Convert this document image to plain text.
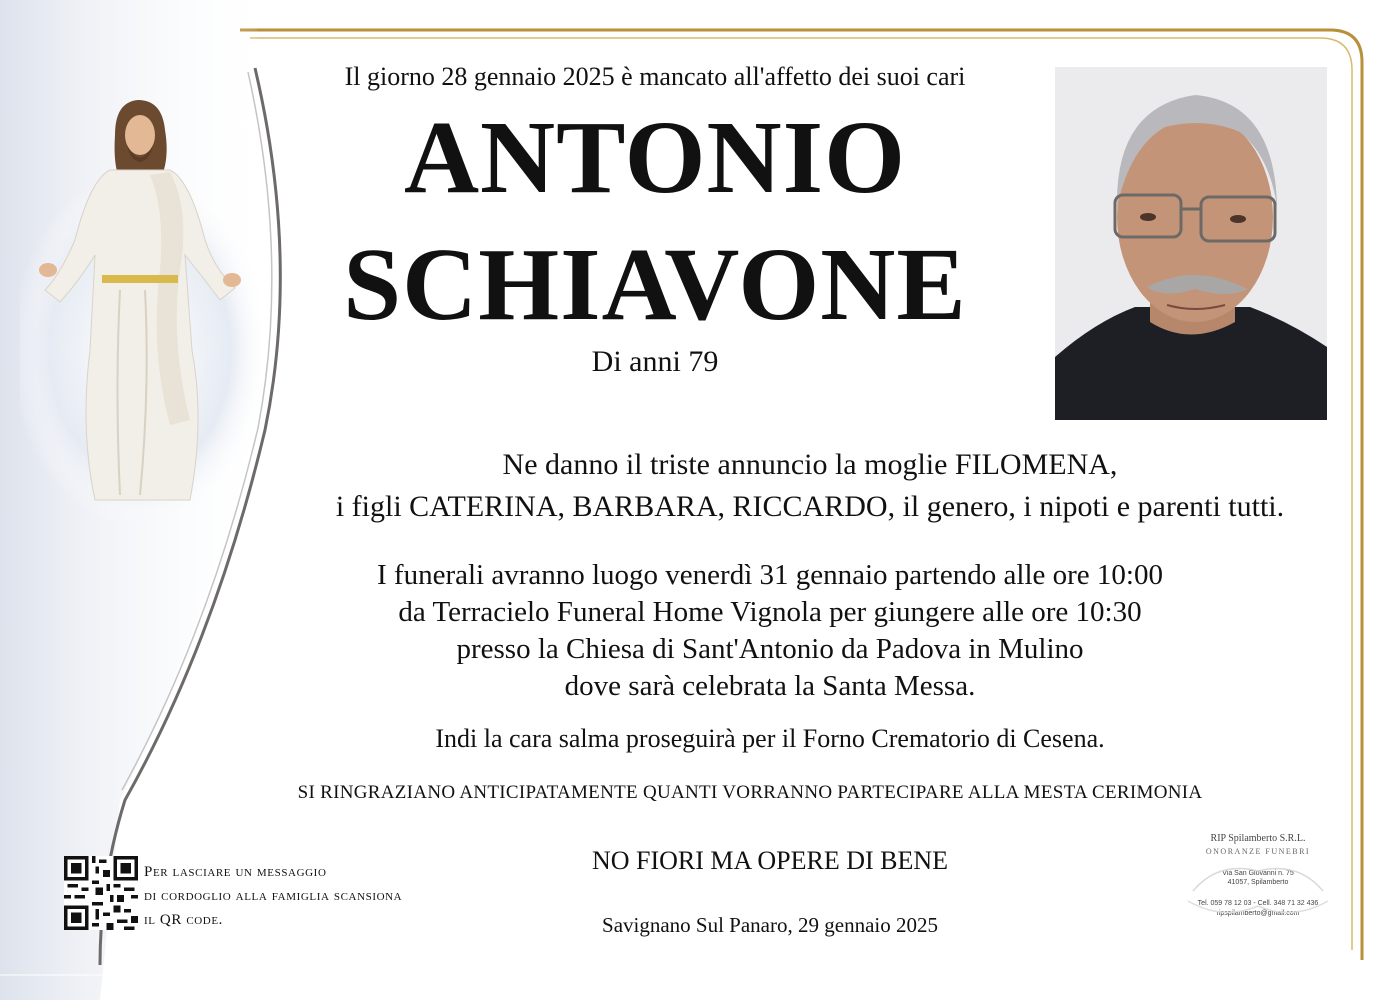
Il giorno 28 gennaio 2025 è mancato all'affetto dei suoi cari
ANTONIO
SCHIAVONE
Di anni 79
Ne danno il triste annuncio la moglie FILOMENA,
i figli CATERINA, BARBARA, RICCARDO, il genero, i nipoti e parenti tutti.
I funerali avranno luogo venerdì 31 gennaio partendo alle ore 10:00
da Terracielo Funeral Home Vignola per giungere alle ore 10:30
presso la Chiesa di Sant'Antonio da Padova in Mulino
dove sarà celebrata la Santa Messa.
Indi la cara salma proseguirà per il Forno Crematorio di Cesena.
SI RINGRAZIANO ANTICIPATAMENTE QUANTI VORRANNO PARTECIPARE ALLA MESTA CERIMONIA
NO FIORI MA OPERE DI BENE
Savignano Sul Panaro, 29 gennaio 2025
Per lasciare un messaggio
di cordoglio alla famiglia scansiona
il QR code.
RIP Spilamberto S.R.L.
ONORANZE FUNEBRI
Via San Giovanni n. 75
41057, Spilamberto
Tel. 059 78 12 03 - Cell. 348 71 32 436
ripspilamberto@gmail.com
